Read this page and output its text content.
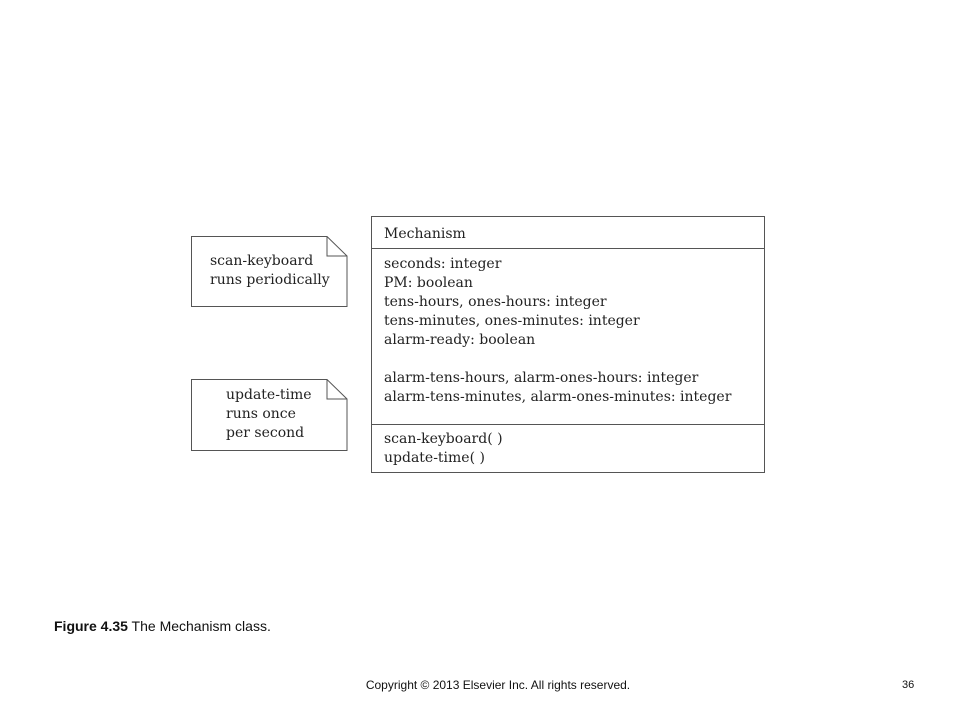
scan-keyboard
runs periodically
update-time
runs once
per second
Mechanism
seconds: integer
PM: boolean
tens-hours, ones-hours: integer
tens-minutes, ones-minutes: integer
alarm-ready: boolean
alarm-tens-hours, alarm-ones-hours: integer
alarm-tens-minutes, alarm-ones-minutes: integer
scan-keyboard( )
update-time( )
Figure 4.35 The Mechanism class.
Copyright © 2013 Elsevier Inc. All rights reserved.	36
